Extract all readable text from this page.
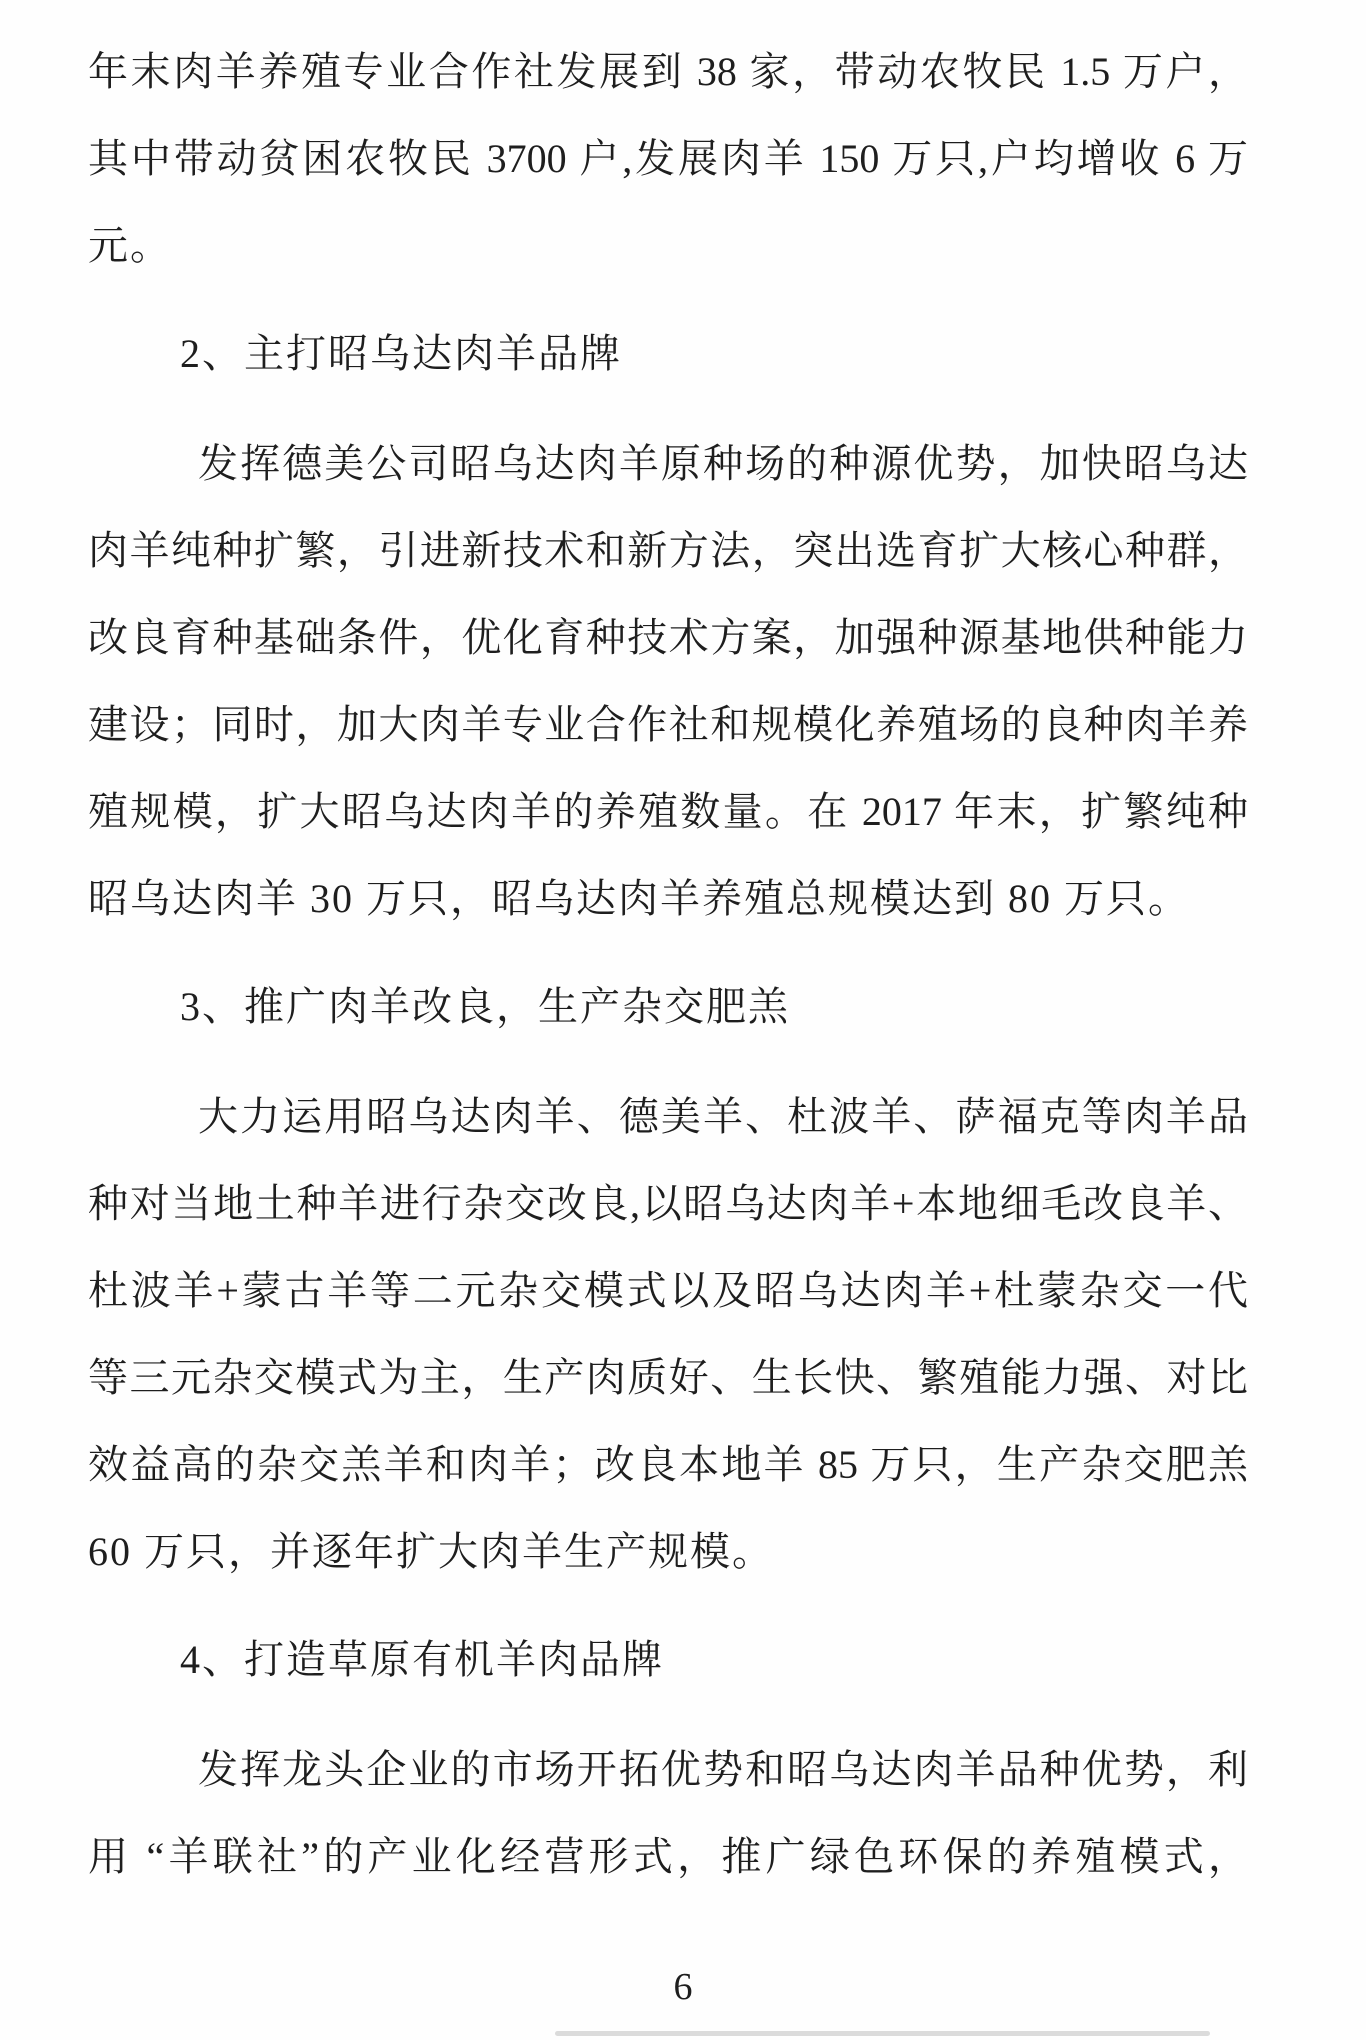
年末肉羊养殖专业合作社发展到 38 家，带动农牧民 1.5 万户，
其中带动贫困农牧民 3700 户,发展肉羊 150 万只,户均增收 6 万
元。
2、主打昭乌达肉羊品牌
发挥德美公司昭乌达肉羊原种场的种源优势，加快昭乌达
肉羊纯种扩繁，引进新技术和新方法，突出选育扩大核心种群，
改良育种基础条件，优化育种技术方案，加强种源基地供种能力
建设；同时，加大肉羊专业合作社和规模化养殖场的良种肉羊养
殖规模，扩大昭乌达肉羊的养殖数量。在 2017 年末，扩繁纯种
昭乌达肉羊 30 万只，昭乌达肉羊养殖总规模达到 80 万只。
3、推广肉羊改良，生产杂交肥羔
大力运用昭乌达肉羊、德美羊、杜波羊、萨福克等肉羊品
种对当地土种羊进行杂交改良,以昭乌达肉羊+本地细毛改良羊、
杜波羊+蒙古羊等二元杂交模式以及昭乌达肉羊+杜蒙杂交一代
等三元杂交模式为主，生产肉质好、生长快、繁殖能力强、对比
效益高的杂交羔羊和肉羊；改良本地羊 85 万只，生产杂交肥羔
60 万只，并逐年扩大肉羊生产规模。
4、打造草原有机羊肉品牌
发挥龙头企业的市场开拓优势和昭乌达肉羊品种优势，利
用 “羊联社”的产业化经营形式，推广绿色环保的养殖模式，
6
